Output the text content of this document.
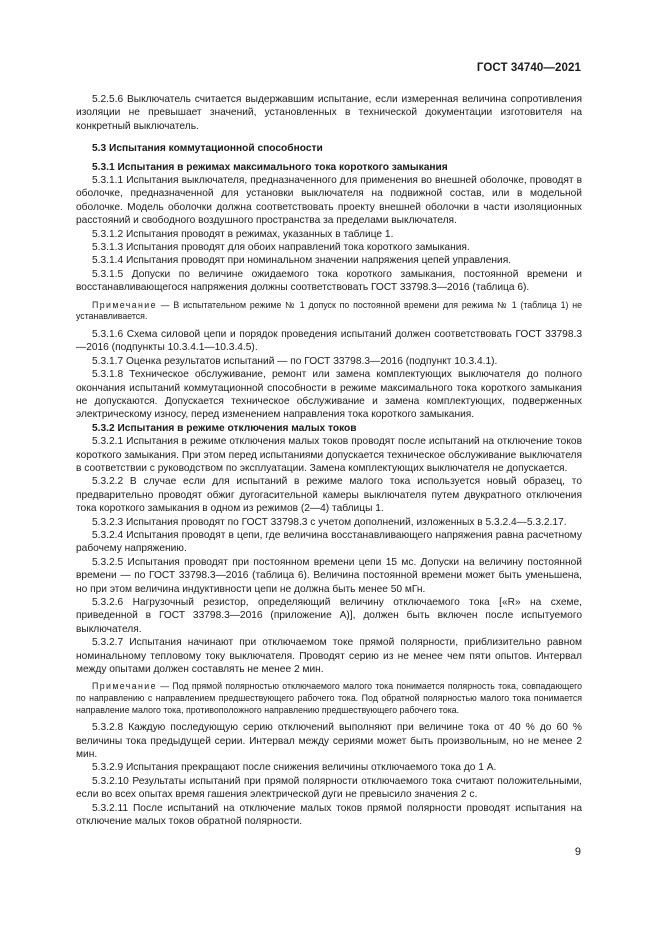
ГОСТ 34740—2021

5.2.5.6 Выключатель считается выдержавшим испытание, если измеренная величина сопротивления изоляции не превышает значений, установленных в технической документации изготовителя на конкретный выключатель.

5.3 Испытания коммутационной способности

5.3.1 Испытания в режимах максимального тока короткого замыкания

5.3.1.1 Испытания выключателя, предназначенного для применения во внешней оболочке, проводят в оболочке, предназначенной для установки выключателя на подвижной состав, или в модельной оболочке. Модель оболочки должна соответствовать проекту внешней оболочки в части изоляционных расстояний и свободного воздушного пространства за пределами выключателя.

5.3.1.2 Испытания проводят в режимах, указанных в таблице 1.

5.3.1.3 Испытания проводят для обоих направлений тока короткого замыкания.

5.3.1.4 Испытания проводят при номинальном значении напряжения цепей управления.

5.3.1.5 Допуски по величине ожидаемого тока короткого замыкания, постоянной времени и восстанавливающегося напряжения должны соответствовать ГОСТ 33798.3—2016 (таблица 6).

Примечание — В испытательном режиме № 1 допуск по постоянной времени для режима № 1 (таблица 1) не устанавливается.

5.3.1.6 Схема силовой цепи и порядок проведения испытаний должен соответствовать ГОСТ 33798.3—2016 (подпункты 10.3.4.1—10.3.4.5).

5.3.1.7 Оценка результатов испытаний — по ГОСТ 33798.3—2016 (подпункт 10.3.4.1).

5.3.1.8 Техническое обслуживание, ремонт или замена комплектующих выключателя до полного окончания испытаний коммутационной способности в режиме максимального тока короткого замыкания не допускаются. Допускается техническое обслуживание и замена комплектующих, подверженных электрическому износу, перед изменением направления тока короткого замыкания.

5.3.2 Испытания в режиме отключения малых токов

5.3.2.1 Испытания в режиме отключения малых токов проводят после испытаний на отключение токов короткого замыкания. При этом перед испытаниями допускается техническое обслуживание выключателя в соответствии с руководством по эксплуатации. Замена комплектующих выключателя не допускается.

5.3.2.2 В случае если для испытаний в режиме малого тока используется новый образец, то предварительно проводят обжиг дугогасительной камеры выключателя путем двукратного отключения тока короткого замыкания в одном из режимов (2—4) таблицы 1.

5.3.2.3 Испытания проводят по ГОСТ 33798.3 с учетом дополнений, изложенных в 5.3.2.4—5.3.2.17.

5.3.2.4 Испытания проводят в цепи, где величина восстанавливающего напряжения равна расчетному рабочему напряжению.

5.3.2.5 Испытания проводят при постоянном времени цепи 15 мс. Допуски на величину постоянной времени — по ГОСТ 33798.3—2016 (таблица 6). Величина постоянной времени может быть уменьшена, но при этом величина индуктивности цепи не должна быть менее 50 мГн.

5.3.2.6 Нагрузочный резистор, определяющий величину отключаемого тока [«R» на схеме, приведенной в ГОСТ 33798.3—2016 (приложение А)], должен быть включен после испытуемого выключателя.

5.3.2.7 Испытания начинают при отключаемом токе прямой полярности, приблизительно равном номинальному тепловому току выключателя. Проводят серию из не менее чем пяти опытов. Интервал между опытами должен составлять не менее 2 мин.

Примечание — Под прямой полярностью отключаемого малого тока понимается полярность тока, совпадающего по направлению с направлением предшествующего рабочего тока. Под обратной полярностью малого тока понимается направление малого тока, противоположного направлению предшествующего рабочего тока.

5.3.2.8 Каждую последующую серию отключений выполняют при величине тока от 40 % до 60 % величины тока предыдущей серии. Интервал между сериями может быть произвольным, но не менее 2 мин.

5.3.2.9 Испытания прекращают после снижения величины отключаемого тока до 1 А.

5.3.2.10 Результаты испытаний при прямой полярности отключаемого тока считают положительными, если во всех опытах время гашения электрической дуги не превысило значения 2 с.

5.3.2.11 После испытаний на отключение малых токов прямой полярности проводят испытания на отключение малых токов обратной полярности.

9
